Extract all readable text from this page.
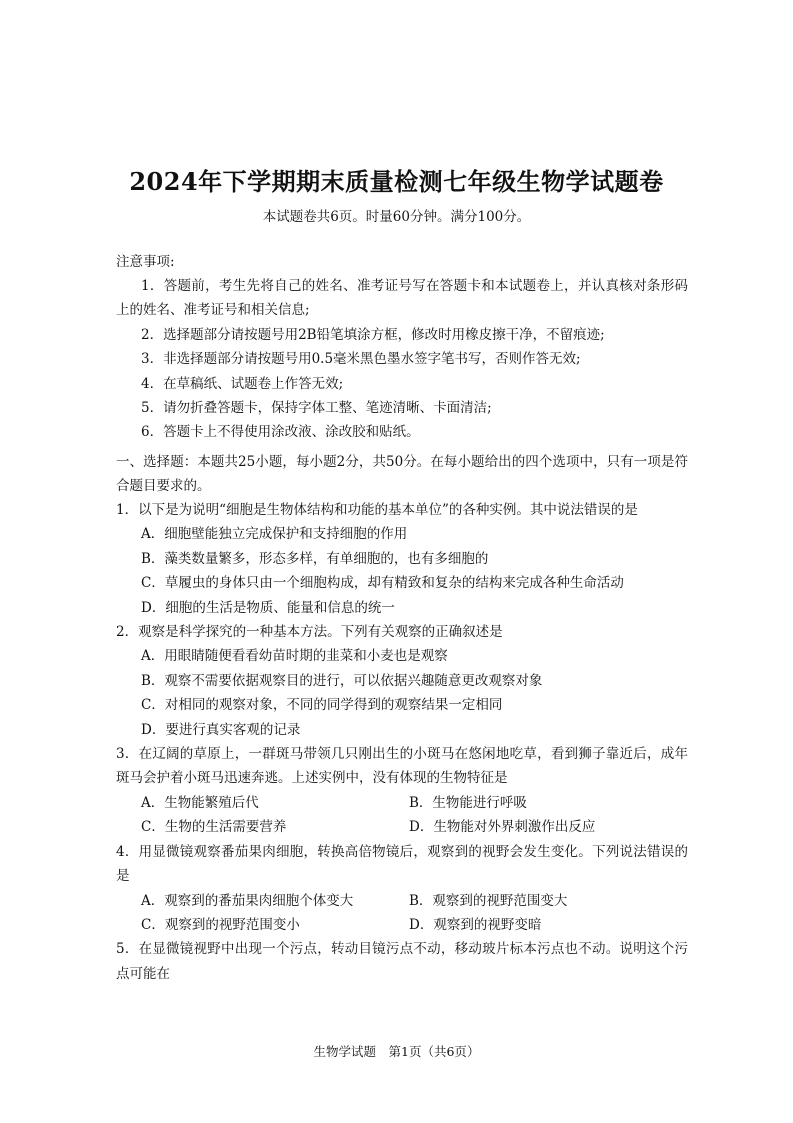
2024年下学期期末质量检测七年级生物学试题卷
本试题卷共6页。时量60分钟。满分100分。
注意事项:
1．答题前，考生先将自己的姓名、准考证号写在答题卡和本试题卷上，并认真核对条形码上的姓名、准考证号和相关信息;
2．选择题部分请按题号用2B铅笔填涂方框，修改时用橡皮擦干净，不留痕迹;
3．非选择题部分请按题号用0.5毫米黑色墨水签字笔书写，否则作答无效;
4．在草稿纸、试题卷上作答无效;
5．请勿折叠答题卡，保持字体工整、笔迹清晰、卡面清洁;
6．答题卡上不得使用涂改液、涂改胶和贴纸。
一、选择题：本题共25小题，每小题2分，共50分。在每小题给出的四个选项中，只有一项是符合题目要求的。
1．以下是为说明“细胞是生物体结构和功能的基本单位”的各种实例。其中说法错误的是
A．细胞壁能独立完成保护和支持细胞的作用
B．藻类数量繁多，形态多样，有单细胞的，也有多细胞的
C．草履虫的身体只由一个细胞构成，却有精致和复杂的结构来完成各种生命活动
D．细胞的生活是物质、能量和信息的统一
2．观察是科学探究的一种基本方法。下列有关观察的正确叙述是
A．用眼睛随便看看幼苗时期的韭菜和小麦也是观察
B．观察不需要依据观察目的进行，可以依据兴趣随意更改观察对象
C．对相同的观察对象，不同的同学得到的观察结果一定相同
D．要进行真实客观的记录
3．在辽阔的草原上，一群斑马带领几只刚出生的小斑马在悠闲地吃草，看到狮子靠近后，成年斑马会护着小斑马迅速奔逃。上述实例中，没有体现的生物特征是
A．生物能繁殖后代	B．生物能进行呼吸
C．生物的生活需要营养	D．生物能对外界刺激作出反应
4．用显微镜观察番茄果肉细胞，转换高倍物镜后，观察到的视野会发生变化。下列说法错误的是
A．观察到的番茄果肉细胞个体变大	B．观察到的视野范围变大
C．观察到的视野范围变小	D．观察到的视野变暗
5．在显微镜视野中出现一个污点，转动目镜污点不动，移动玻片标本污点也不动。说明这个污点可能在
生物学试题　第1页（共6页）
